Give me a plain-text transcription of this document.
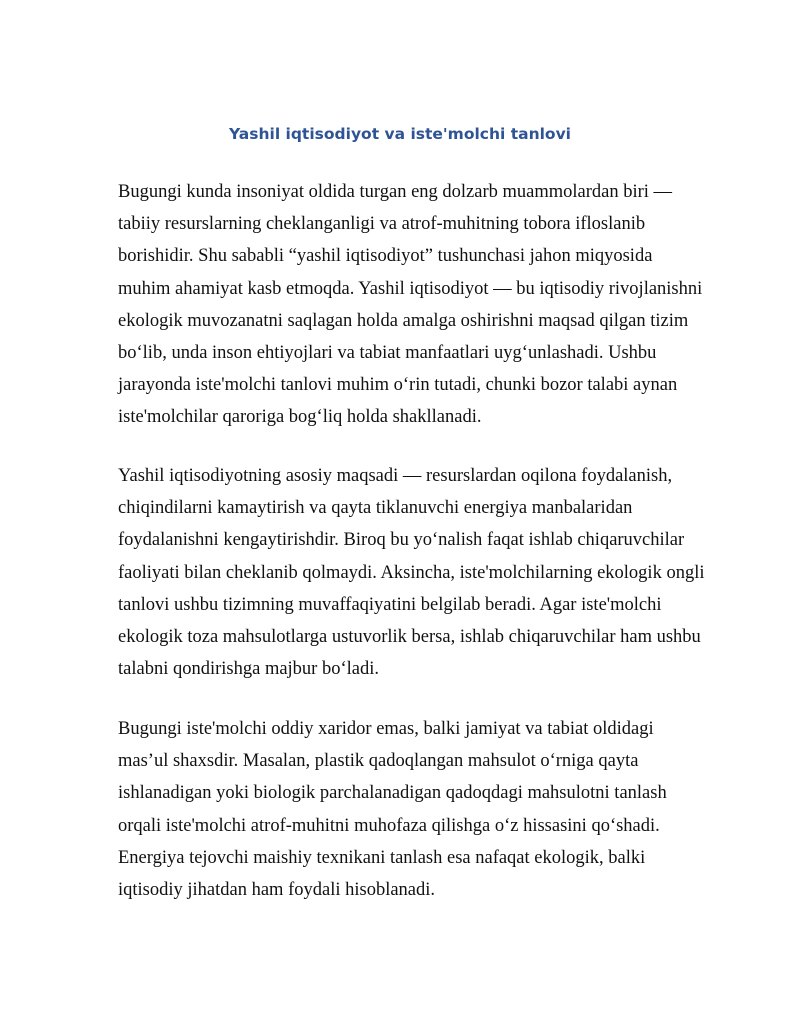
Yashil iqtisodiyot va iste'molchi tanlovi

Bugungi kunda insoniyat oldida turgan eng dolzarb muammolardan biri — tabiiy resurslarning cheklanganligi va atrof-muhitning tobora ifloslanib borishidir. Shu sababli “yashil iqtisodiyot” tushunchasi jahon miqyosida muhim ahamiyat kasb etmoqda. Yashil iqtisodiyot — bu iqtisodiy rivojlanishni ekologik muvozanatni saqlagan holda amalga oshirishni maqsad qilgan tizim bo‘lib, unda inson ehtiyojlari va tabiat manfaatlari uyg‘unlashadi. Ushbu jarayonda iste'molchi tanlovi muhim o‘rin tutadi, chunki bozor talabi aynan iste'molchilar qaroriga bog‘liq holda shakllanadi.

Yashil iqtisodiyotning asosiy maqsadi — resurslardan oqilona foydalanish, chiqindilarni kamaytirish va qayta tiklanuvchi energiya manbalaridan foydalanishni kengaytirishdir. Biroq bu yo‘nalish faqat ishlab chiqaruvchilar faoliyati bilan cheklanib qolmaydi. Aksincha, iste'molchilarning ekologik ongli tanlovi ushbu tizimning muvaffaqiyatini belgilab beradi. Agar iste'molchi ekologik toza mahsulotlarga ustuvorlik bersa, ishlab chiqaruvchilar ham ushbu talabni qondirishga majbur bo‘ladi.

Bugungi iste'molchi oddiy xaridor emas, balki jamiyat va tabiat oldidagi mas’ul shaxsdir. Masalan, plastik qadoqlangan mahsulot o‘rniga qayta ishlanadigan yoki biologik parchalanadigan qadoqdagi mahsulotni tanlash orqali iste'molchi atrof-muhitni muhofaza qilishga o‘z hissasini qo‘shadi. Energiya tejovchi maishiy texnikani tanlash esa nafaqat ekologik, balki iqtisodiy jihatdan ham foydali hisoblanadi.
